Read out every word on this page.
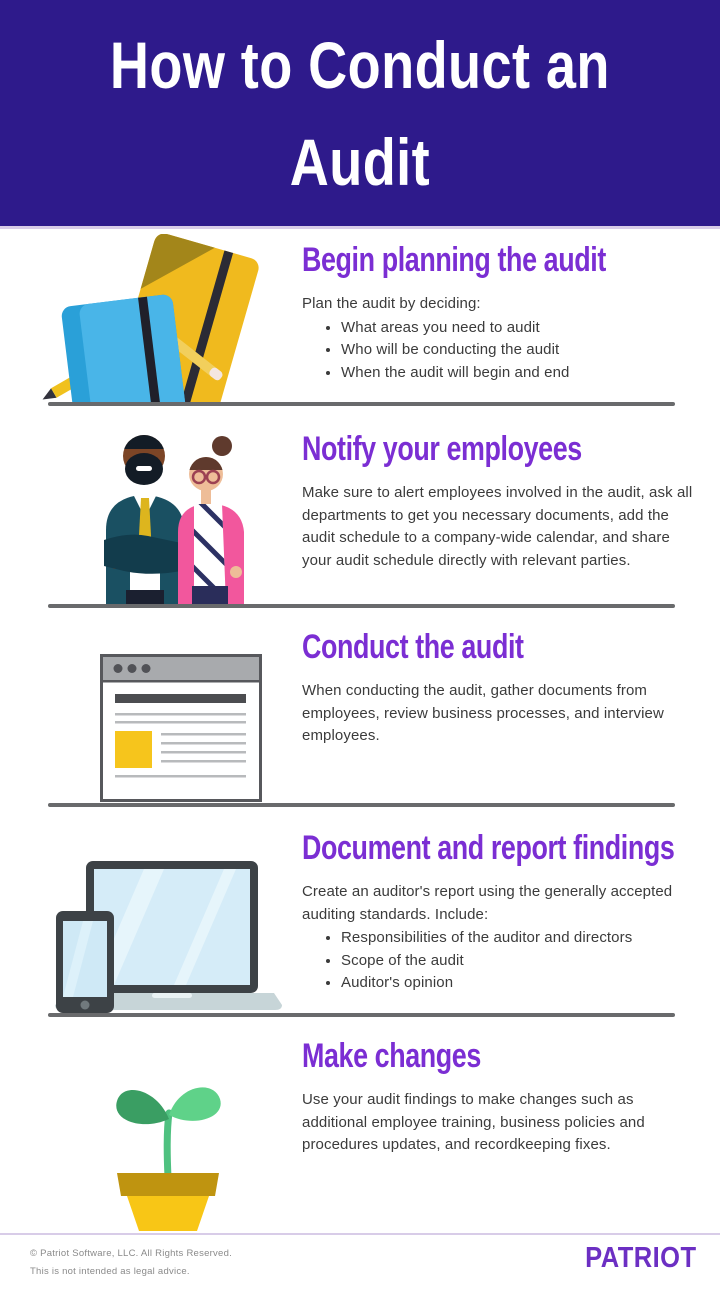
How to Conduct an
Audit
Begin planning the audit

Plan the audit by deciding:

• What areas you need to audit
• Who will be conducting the audit
• When the audit will begin and end
Notify your employees

Make sure to alert employees involved in the audit, ask all departments to get you necessary documents, add the audit schedule to a company-wide calendar, and share your audit schedule directly with relevant parties.

Conduct the audit

When conducting the audit, gather documents from employees, review business processes, and interview employees.

Document and report findings

Create an auditor's report using the generally accepted auditing standards. Include:

• Responsibilities of the auditor and directors
• Scope of the audit
• Auditor's opinion
Make changes

Use your audit findings to make changes such as additional employee training, business policies and procedures updates, and recordkeeping fixes.

© Patriot Software, LLC. All Rights Reserved.
This is not intended as legal advice.	PATRIOT
